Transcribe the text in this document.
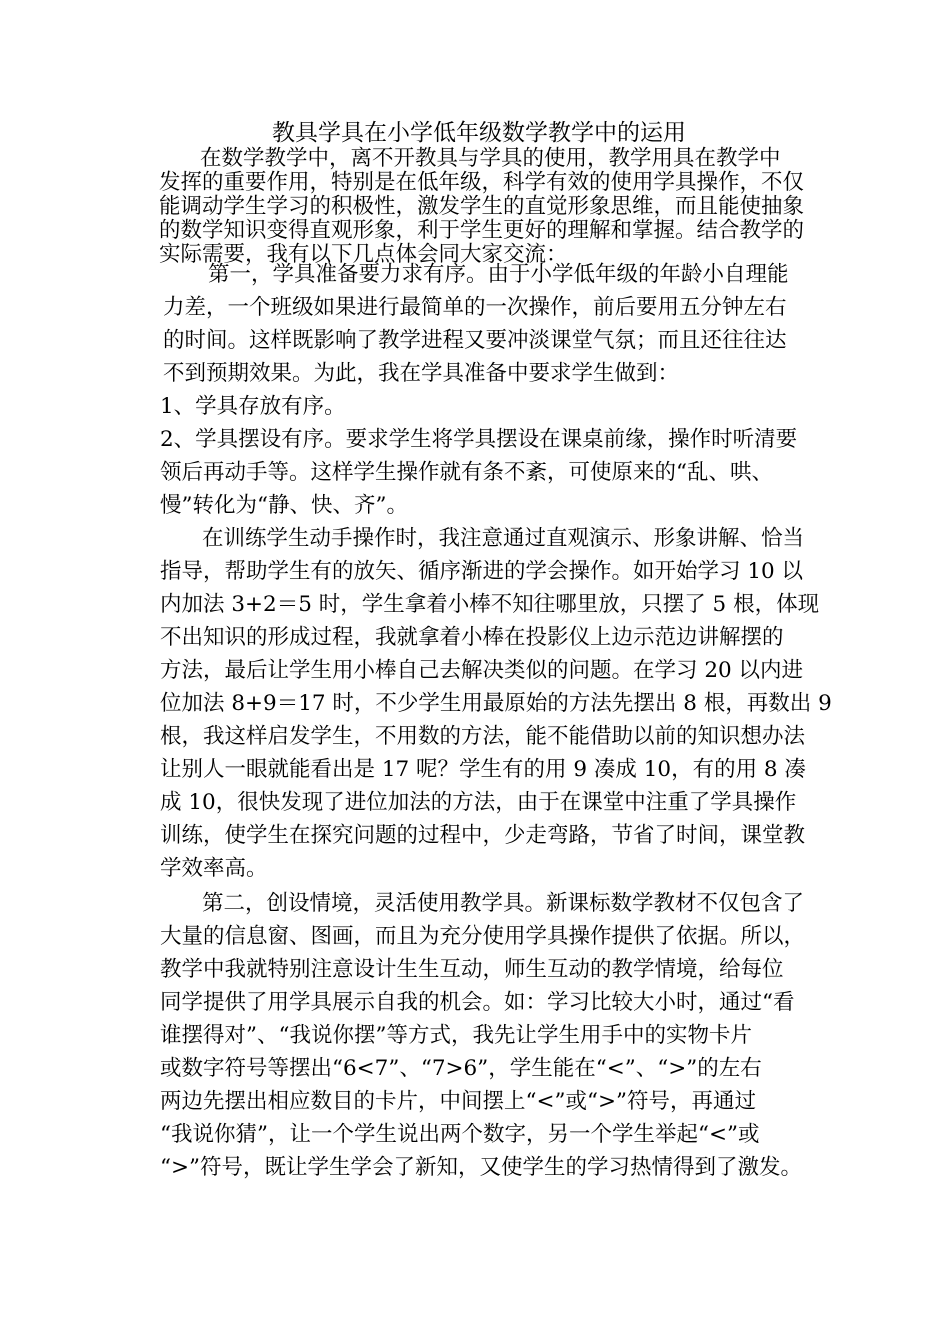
教具学具在小学低年级数学教学中的运用
在数学教学中，离不开教具与学具的使用，教学用具在教学中
发挥的重要作用，特别是在低年级，科学有效的使用学具操作，不仅
能调动学生学习的积极性，激发学生的直觉形象思维，而且能使抽象
的数学知识变得直观形象，利于学生更好的理解和掌握。结合教学的
实际需要，我有以下几点体会同大家交流：
第一，学具准备要力求有序。由于小学低年级的年龄小自理能
力差，一个班级如果进行最简单的一次操作，前后要用五分钟左右
的时间。这样既影响了教学进程又要冲淡课堂气氛；而且还往往达
不到预期效果。为此，我在学具准备中要求学生做到：
1、学具存放有序。
2、学具摆设有序。要求学生将学具摆设在课桌前缘，操作时听清要
领后再动手等。这样学生操作就有条不紊，可使原来的“乱、哄、
慢”转化为“静、快、齐”。
在训练学生动手操作时，我注意通过直观演示、形象讲解、恰当
指导，帮助学生有的放矢、循序渐进的学会操作。如开始学习 10 以
内加法 3+2＝5 时，学生拿着小棒不知往哪里放，只摆了 5 根，体现
不出知识的形成过程，我就拿着小棒在投影仪上边示范边讲解摆的
方法，最后让学生用小棒自己去解决类似的问题。在学习 20 以内进
位加法 8+9＝17 时，不少学生用最原始的方法先摆出 8 根，再数出 9
根，我这样启发学生，不用数的方法，能不能借助以前的知识想办法
让别人一眼就能看出是 17 呢？学生有的用 9 凑成 10，有的用 8 凑
成 10，很快发现了进位加法的方法，由于在课堂中注重了学具操作
训练，使学生在探究问题的过程中，少走弯路，节省了时间，课堂教
学效率高。
第二，创设情境，灵活使用教学具。新课标数学教材不仅包含了
大量的信息窗、图画，而且为充分使用学具操作提供了依据。所以，
教学中我就特别注意设计生生互动，师生互动的教学情境，给每位
同学提供了用学具展示自我的机会。如：学习比较大小时，通过“看
谁摆得对”、“我说你摆”等方式，我先让学生用手中的实物卡片
或数字符号等摆出“6<7”、“7>6”，学生能在“<”、“>”的左右
两边先摆出相应数目的卡片，中间摆上“<”或“>”符号，再通过
“我说你猜”，让一个学生说出两个数字，另一个学生举起“<”或
“>”符号，既让学生学会了新知，又使学生的学习热情得到了激发。
